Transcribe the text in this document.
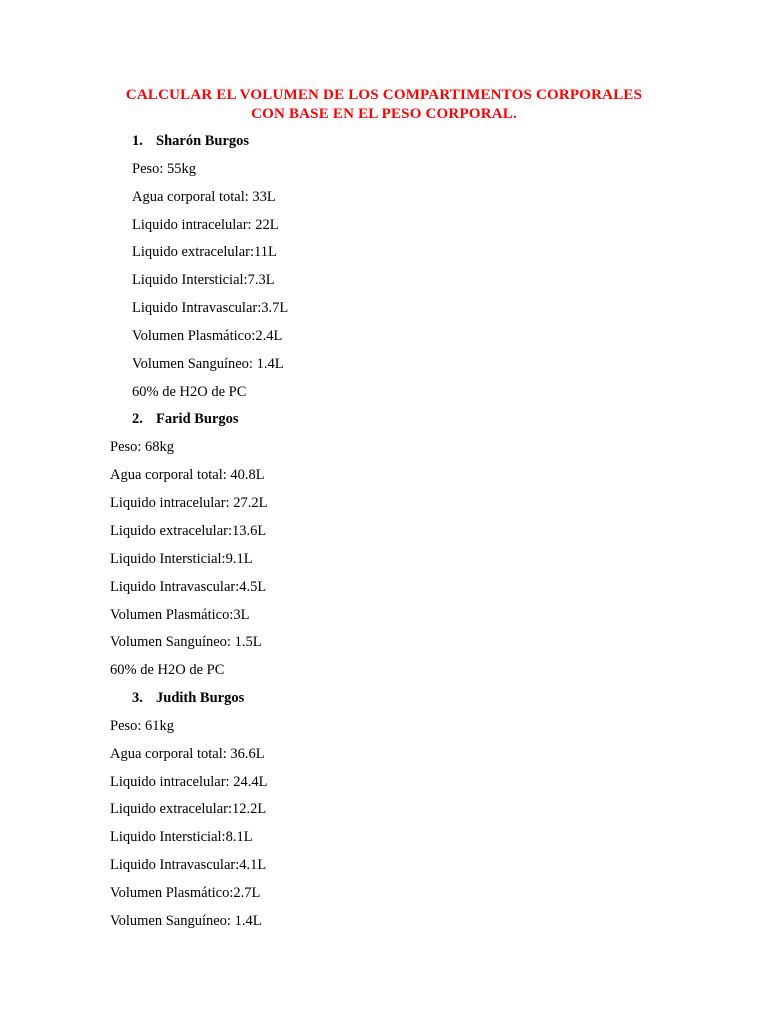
CALCULAR EL VOLUMEN DE LOS COMPARTIMENTOS CORPORALES
CON BASE EN EL PESO CORPORAL.
1. Sharón Burgos
Peso: 55kg
Agua corporal total: 33L
Liquido intracelular: 22L
Liquido extracelular:11L
Liquido Intersticial:7.3L
Liquido Intravascular:3.7L
Volumen Plasmático:2.4L
Volumen Sanguíneo: 1.4L
60% de H2O de PC
2. Farid Burgos
Peso: 68kg
Agua corporal total: 40.8L
Liquido intracelular: 27.2L
Liquido extracelular:13.6L
Liquido Intersticial:9.1L
Liquido Intravascular:4.5L
Volumen Plasmático:3L
Volumen Sanguíneo: 1.5L
60% de H2O de PC
3. Judith Burgos
Peso: 61kg
Agua corporal total: 36.6L
Liquido intracelular: 24.4L
Liquido extracelular:12.2L
Liquido Intersticial:8.1L
Liquido Intravascular:4.1L
Volumen Plasmático:2.7L
Volumen Sanguíneo: 1.4L
